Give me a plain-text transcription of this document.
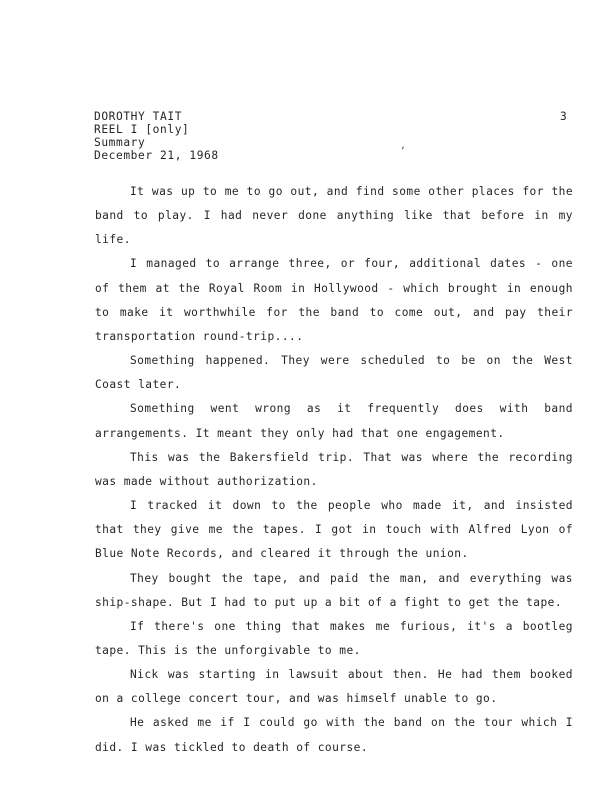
DOROTHY TAIT
REEL I [only]
Summary
December 21, 1968
3
,

It was up to me to go out, and find some other places for the band to play. I had never done anything like that before in my life.

I managed to arrange three, or four, additional dates - one of them at the Royal Room in Hollywood - which brought in enough to make it worthwhile for the band to come out, and pay their transportation round-trip....

Something happened. They were scheduled to be on the West Coast later.

Something went wrong as it frequently does with band arrangements. It meant they only had that one engagement.

This was the Bakersfield trip. That was where the recording was made without authorization.

I tracked it down to the people who made it, and insisted that they give me the tapes. I got in touch with Alfred Lyon of Blue Note Records, and cleared it through the union.

They bought the tape, and paid the man, and everything was ship-shape. But I had to put up a bit of a fight to get the tape.

If there's one thing that makes me furious, it's a bootleg tape. This is the unforgivable to me.

Nick was starting in lawsuit about then. He had them booked on a college concert tour, and was himself unable to go.

He asked me if I could go with the band on the tour which I did. I was tickled to death of course.
